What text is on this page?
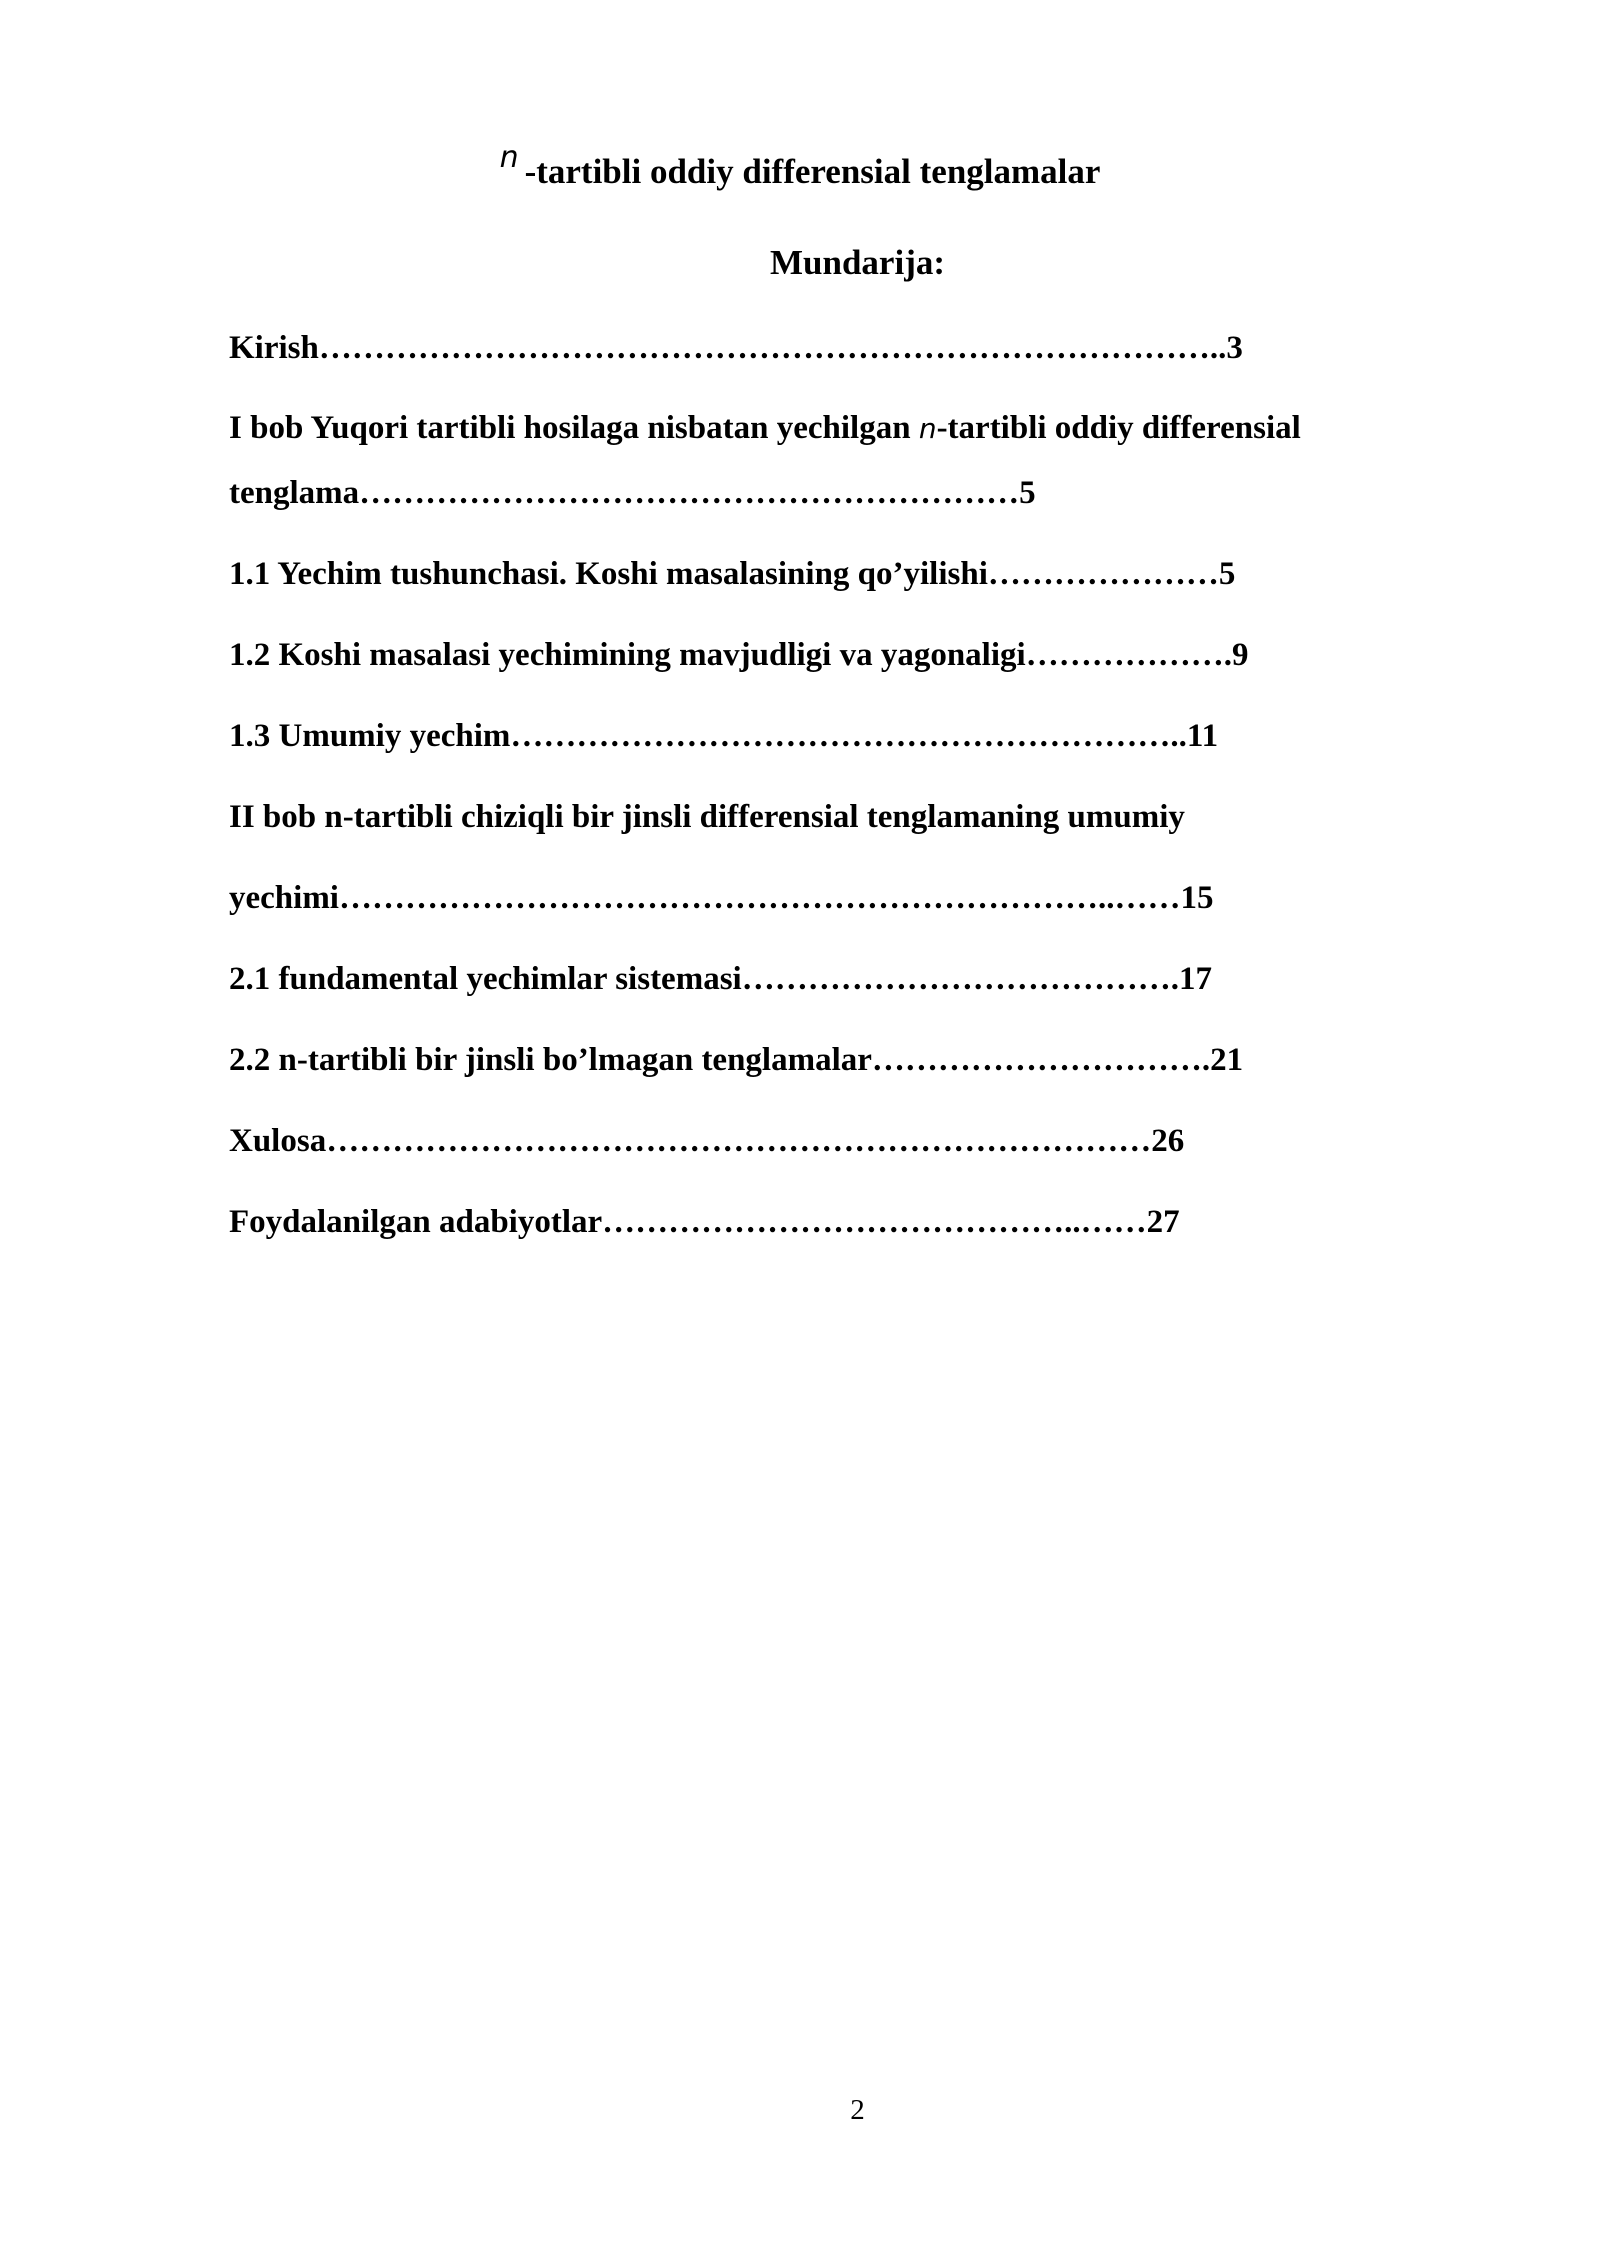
n -tartibli oddiy differensial tenglamalar
Mundarija:
Kirish………………………………………………………………………..3
I bob Yuqori tartibli hosilaga nisbatan yechilgan n-tartibli oddiy differensial
tenglama……………………………………………………5
1.1 Yechim tushunchasi. Koshi masalasining qo’yilishi…………………5
1.2 Koshi masalasi yechimining mavjudligi va yagonaligi……………….9
1.3 Umumiy yechim……………………………………………………..11
II bob n-tartibli chiziqli bir jinsli differensial tenglamaning umumiy
yechimi……………………………………………………………..……15
2.1 fundamental yechimlar sistemasi………………………………….17
2.2 n-tartibli bir jinsli bo’lmagan tenglamalar………………………….21
Xulosa…………………………………………………………………26
Foydalanilgan adabiyotlar……………………………………..……27
2
